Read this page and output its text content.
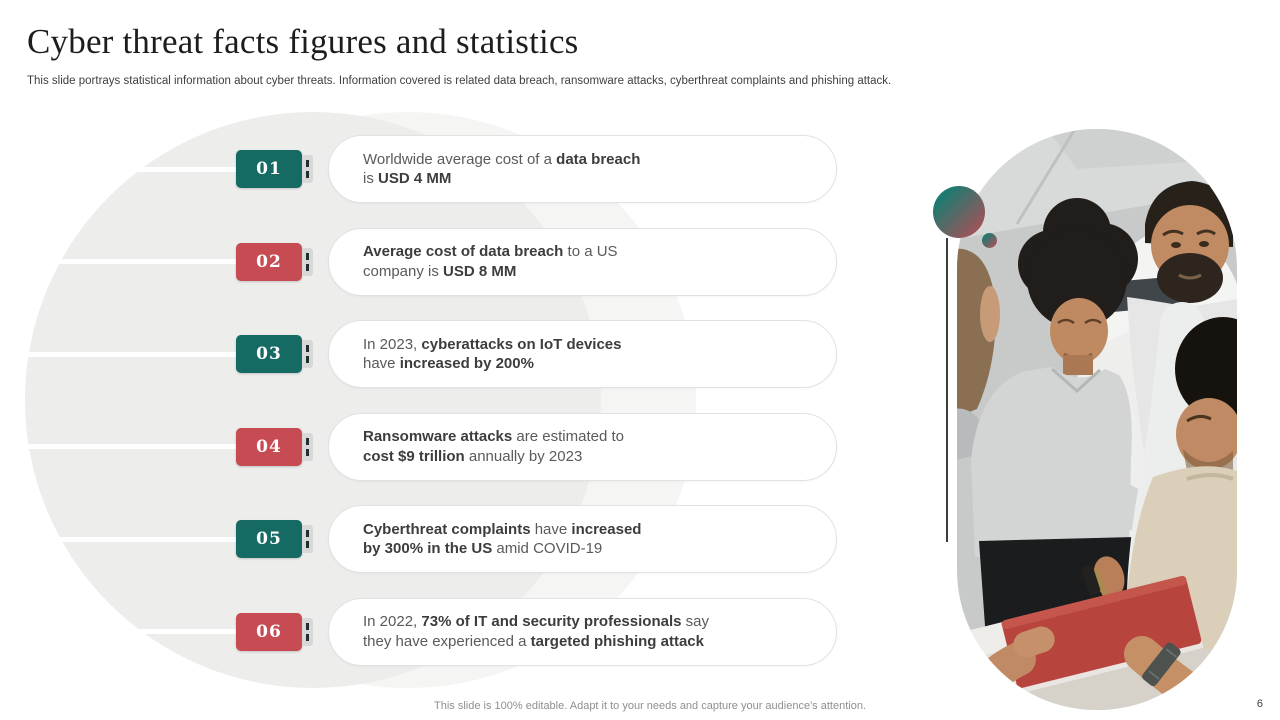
Cyber threat facts figures and statistics
This slide portrays statistical information about cyber threats. Information covered is related data breach, ransomware attacks, cyberthreat complaints and phishing attack.
01	Worldwide average cost of a data breach

is USD 4 MM

02	Average cost of data breach to a US

company is USD 8 MM

03	In 2023, cyberattacks on IoT devices

have increased by 200%

04	Ransomware attacks are estimated to

cost $9 trillion annually by 2023

05	Cyberthreat complaints have increased

by 300% in the US amid COVID-19

06	In 2022, 73% of IT and security professionals say

they have experienced a targeted phishing attack

This slide is 100% editable. Adapt it to your needs and capture your audience's attention.	6
